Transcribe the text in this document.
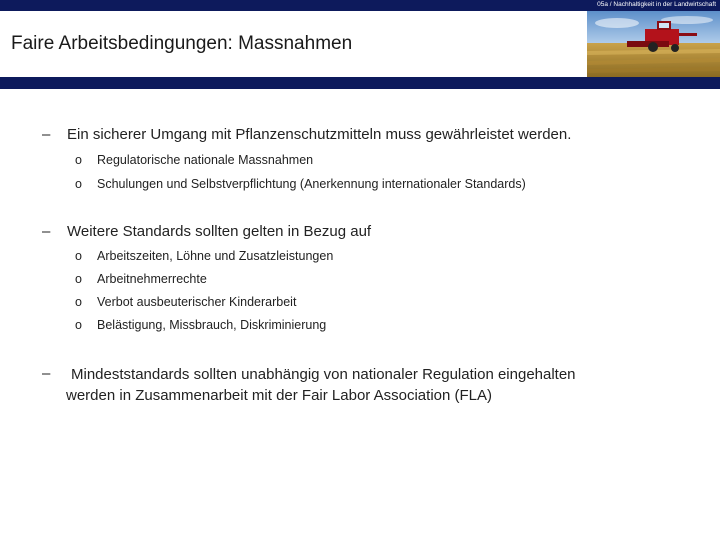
05a / Nachhaltigkeit in der Landwirtschaft
Faire Arbeitsbedingungen: Massnahmen
– Ein sicherer Umgang mit Pflanzenschutzmitteln muss gewährleistet werden.
o Regulatorische nationale Massnahmen
o Schulungen und Selbstverpflichtung (Anerkennung internationaler Standards)
– Weitere Standards sollten gelten in Bezug auf
o Arbeitszeiten, Löhne und Zusatzleistungen
o Arbeitnehmerrechte
o Verbot ausbeuterischer Kinderarbeit
o Belästigung, Missbrauch, Diskriminierung
– Mindeststandards sollten unabhängig von nationaler Regulation eingehalten
werden in Zusammenarbeit mit der Fair Labor Association (FLA)
